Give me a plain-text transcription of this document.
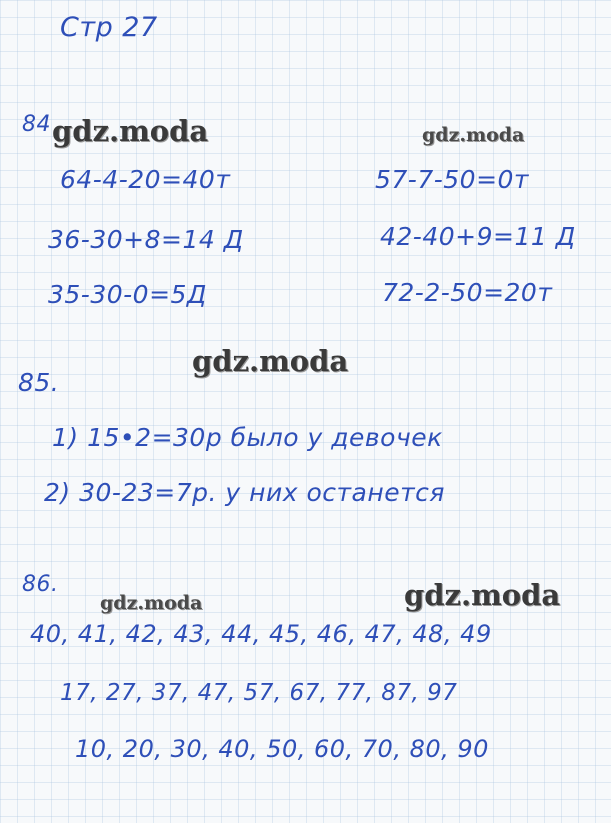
Стр 27
84 gdz.moda	gdz.moda
64-4-20=40т
36-30+8=14 Д
35-30-0=5Д
57-7-50=0т
42-40+9=11 Д
72-2-50=20т
gdz.moda
85.
1) 15•2=30р было у девочек
2) 30-23=7р. у них останется
86.
gdz.moda	gdz.moda
40, 41, 42, 43, 44, 45, 46, 47, 48, 49
17, 27, 37, 47, 57, 67, 77, 87, 97
10, 20, 30, 40, 50, 60, 70, 80, 90
